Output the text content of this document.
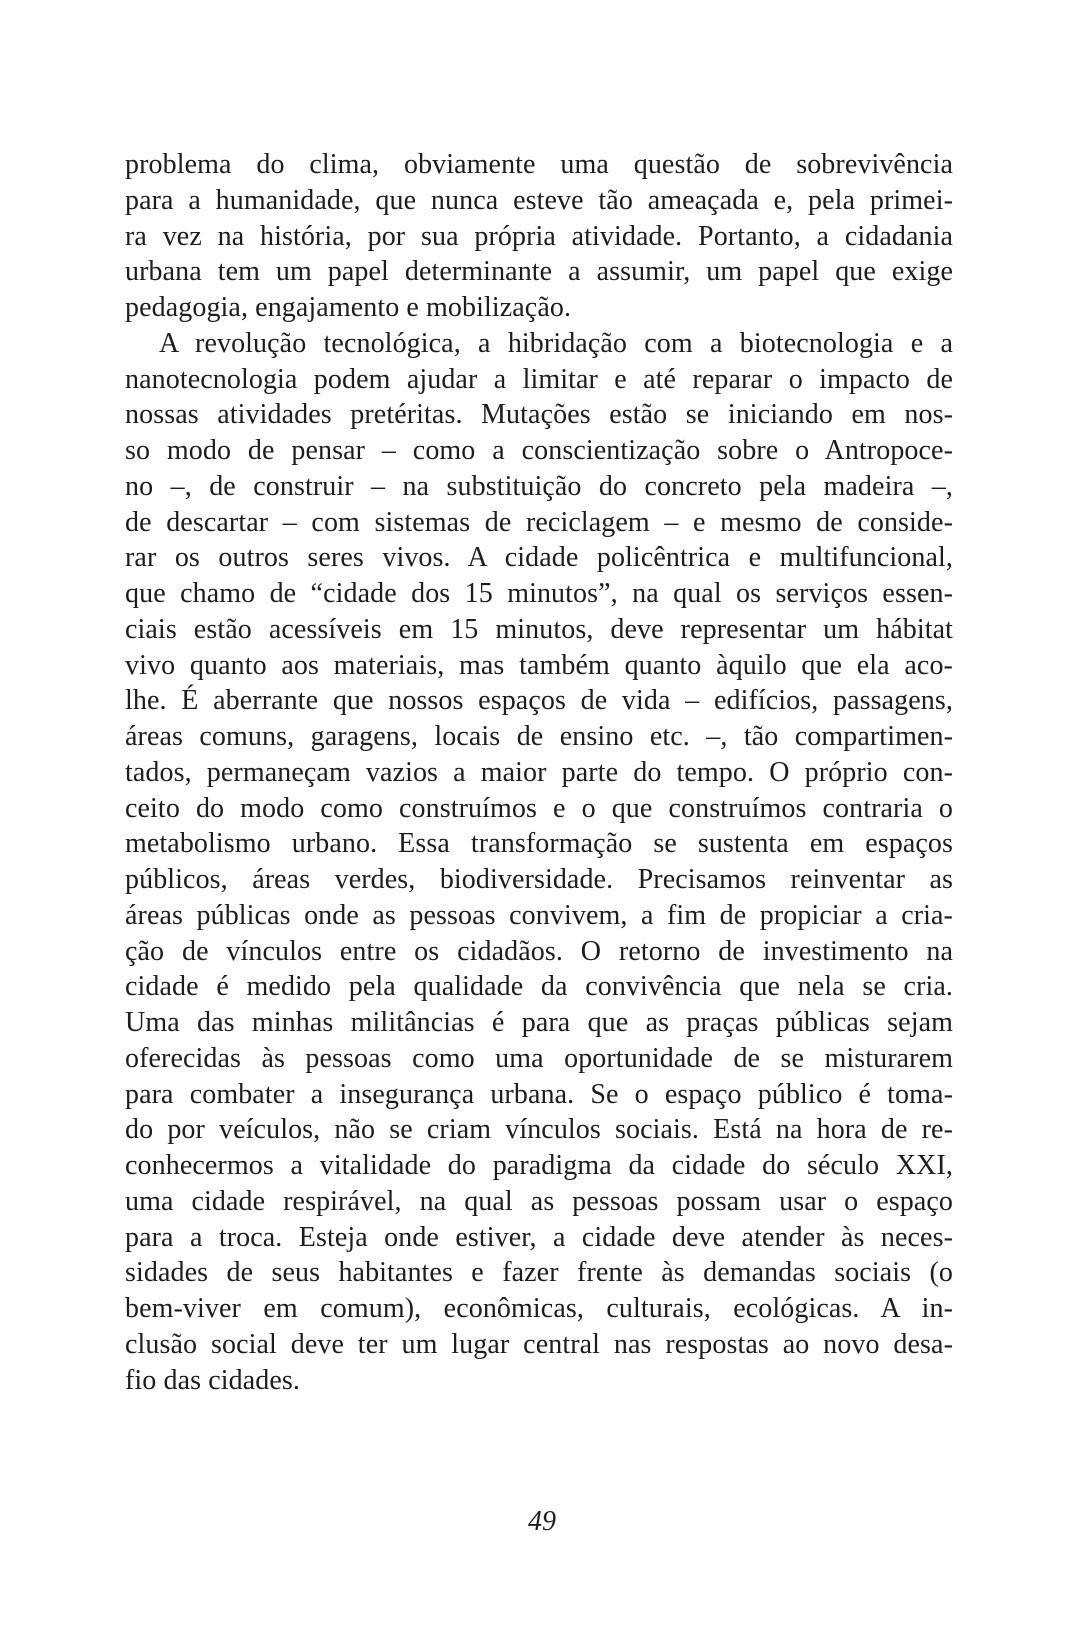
problema do clima, obviamente uma questão de sobrevivência
para a humanidade, que nunca esteve tão ameaçada e, pela primei-
ra vez na história, por sua própria atividade. Portanto, a cidadania
urbana tem um papel determinante a assumir, um papel que exige
pedagogia, engajamento e mobilização.
A revolução tecnológica, a hibridação com a biotecnologia e a
nanotecnologia podem ajudar a limitar e até reparar o impacto de
nossas atividades pretéritas. Mutações estão se iniciando em nos-
so modo de pensar – como a conscientização sobre o Antropoce-
no –, de construir – na substituição do concreto pela madeira –,
de descartar – com sistemas de reciclagem – e mesmo de conside-
rar os outros seres vivos. A cidade policêntrica e multifuncional,
que chamo de “cidade dos 15 minutos”, na qual os serviços essen-
ciais estão acessíveis em 15 minutos, deve representar um hábitat
vivo quanto aos materiais, mas também quanto àquilo que ela aco-
lhe. É aberrante que nossos espaços de vida – edifícios, passagens,
áreas comuns, garagens, locais de ensino etc. –, tão compartimen-
tados, permaneçam vazios a maior parte do tempo. O próprio con-
ceito do modo como construímos e o que construímos contraria o
metabolismo urbano. Essa transformação se sustenta em espaços
públicos, áreas verdes, biodiversidade. Precisamos reinventar as
áreas públicas onde as pessoas convivem, a fim de propiciar a cria-
ção de vínculos entre os cidadãos. O retorno de investimento na
cidade é medido pela qualidade da convivência que nela se cria.
Uma das minhas militâncias é para que as praças públicas sejam
oferecidas às pessoas como uma oportunidade de se misturarem
para combater a insegurança urbana. Se o espaço público é toma-
do por veículos, não se criam vínculos sociais. Está na hora de re-
conhecermos a vitalidade do paradigma da cidade do século XXI,
uma cidade respirável, na qual as pessoas possam usar o espaço
para a troca. Esteja onde estiver, a cidade deve atender às neces-
sidades de seus habitantes e fazer frente às demandas sociais (o
bem-viver em comum), econômicas, culturais, ecológicas. A in-
clusão social deve ter um lugar central nas respostas ao novo desa-
fio das cidades.
49
